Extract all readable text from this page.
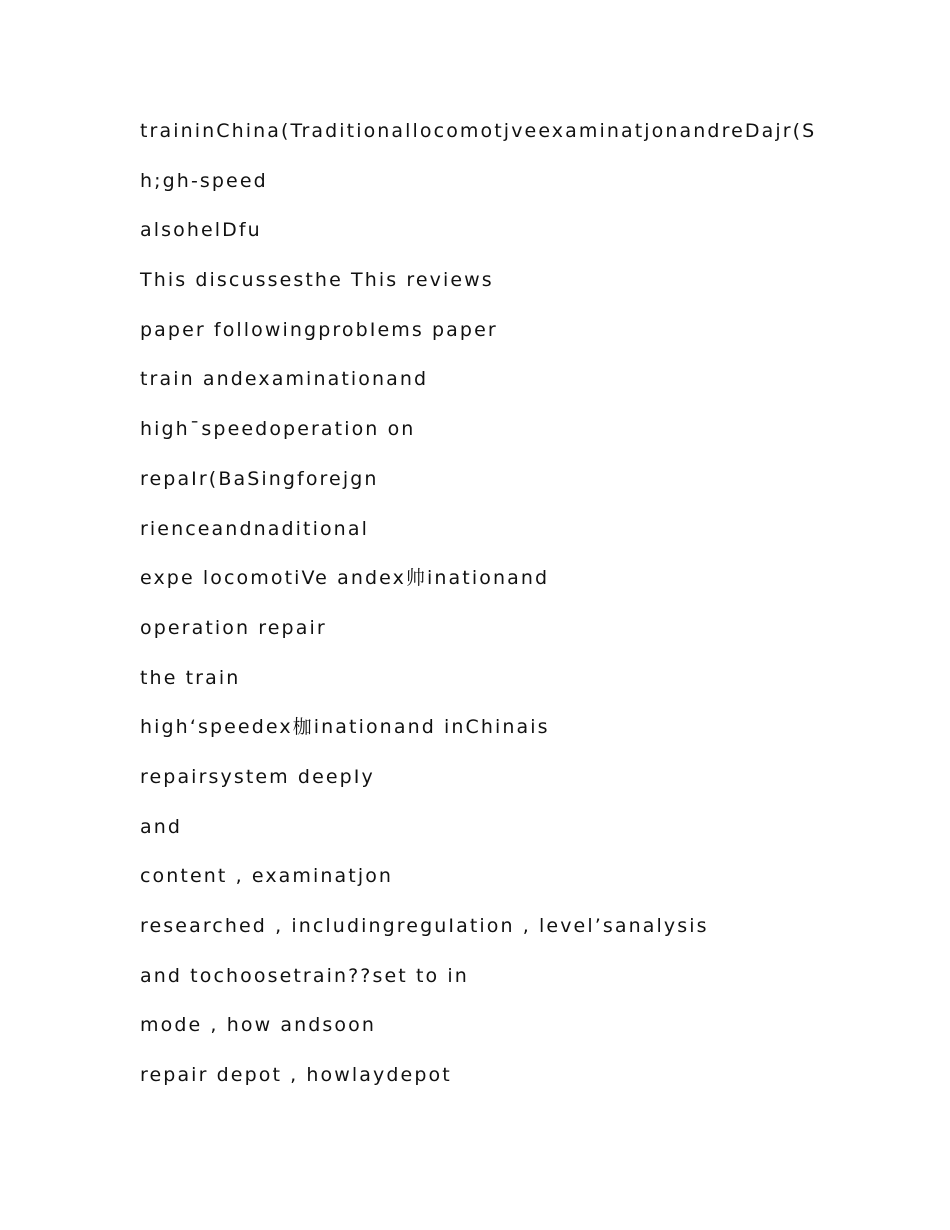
traininChina(TraditionallocomotjveexaminatjonandreDajr(S
h;gh-speed
alsohelDfu
This discussesthe This reviews
paper followingprobIems paper
train andexaminationand
high¯speedoperation on
repaIr(BaSingforejgn
rienceandnaditional
expe locomotiVe andex帅inationand
operation repair
the train
high‘speedex枷inationand inChinais
repairsystem deepIy
and
content , examinatjon
researched , includingreguIation , level’sanalysis
and tochoosetrain??set to in
mode , how andsoon
repair depot , howlaydepot
